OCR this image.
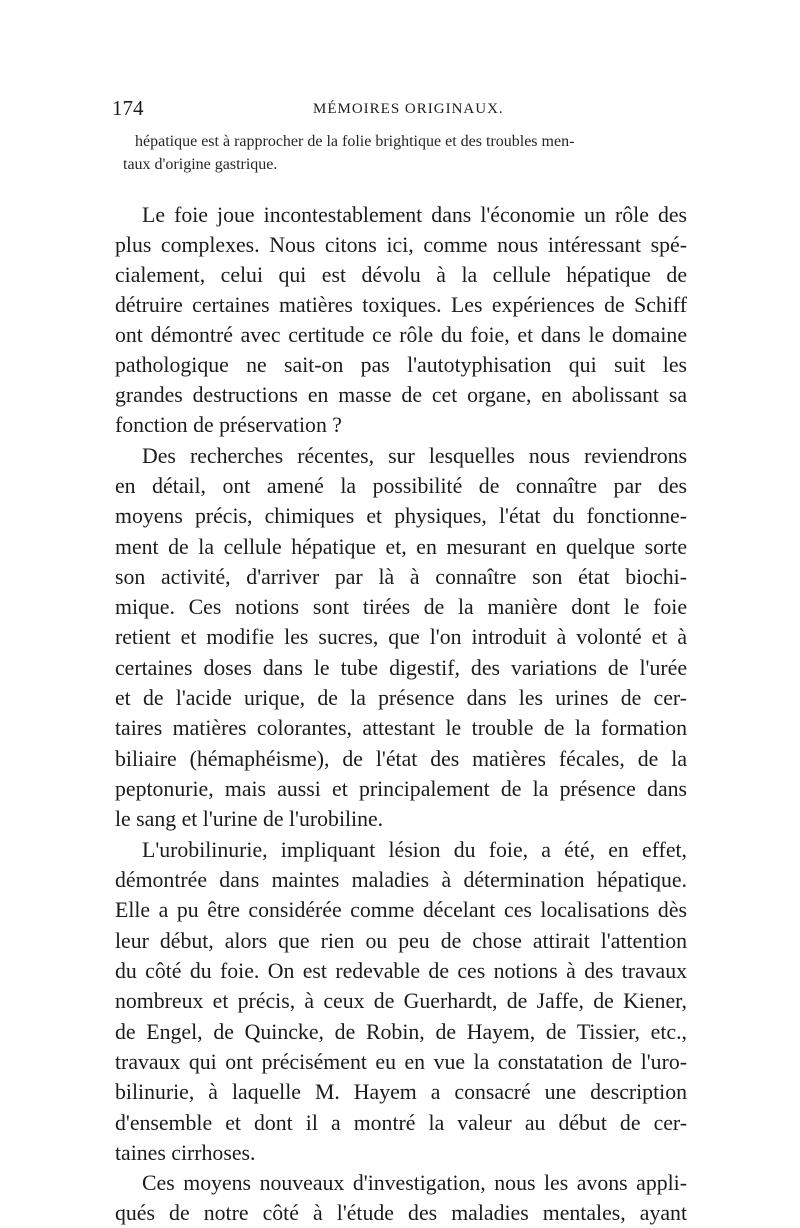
174	MÉMOIRES ORIGINAUX.
hépatique est à rapprocher de la folie brightique et des troubles men-
taux d'origine gastrique.
Le foie joue incontestablement dans l'économie un rôle des
plus complexes. Nous citons ici, comme nous intéressant spé-
cialement, celui qui est dévolu à la cellule hépatique de
détruire certaines matières toxiques. Les expériences de Schiff
ont démontré avec certitude ce rôle du foie, et dans le domaine
pathologique ne sait-on pas l'autotyphisation qui suit les
grandes destructions en masse de cet organe, en abolissant sa
fonction de préservation ?
Des recherches récentes, sur lesquelles nous reviendrons
en détail, ont amené la possibilité de connaître par des
moyens précis, chimiques et physiques, l'état du fonctionne-
ment de la cellule hépatique et, en mesurant en quelque sorte
son activité, d'arriver par là à connaître son état biochi-
mique. Ces notions sont tirées de la manière dont le foie
retient et modifie les sucres, que l'on introduit à volonté et à
certaines doses dans le tube digestif, des variations de l'urée
et de l'acide urique, de la présence dans les urines de cer-
taires matières colorantes, attestant le trouble de la formation
biliaire (hémaphéisme), de l'état des matières fécales, de la
peptonurie, mais aussi et principalement de la présence dans
le sang et l'urine de l'urobiline.
L'urobilinurie, impliquant lésion du foie, a été, en effet,
démontrée dans maintes maladies à détermination hépatique.
Elle a pu être considérée comme décelant ces localisations dès
leur début, alors que rien ou peu de chose attirait l'attention
du côté du foie. On est redevable de ces notions à des travaux
nombreux et précis, à ceux de Guerhardt, de Jaffe, de Kiener,
de Engel, de Quincke, de Robin, de Hayem, de Tissier, etc.,
travaux qui ont précisément eu en vue la constatation de l'uro-
bilinurie, à laquelle M. Hayem a consacré une description
d'ensemble et dont il a montré la valeur au début de cer-
taines cirrhoses.
Ces moyens nouveaux d'investigation, nous les avons appli-
qués de notre côté à l'étude des maladies mentales, ayant
